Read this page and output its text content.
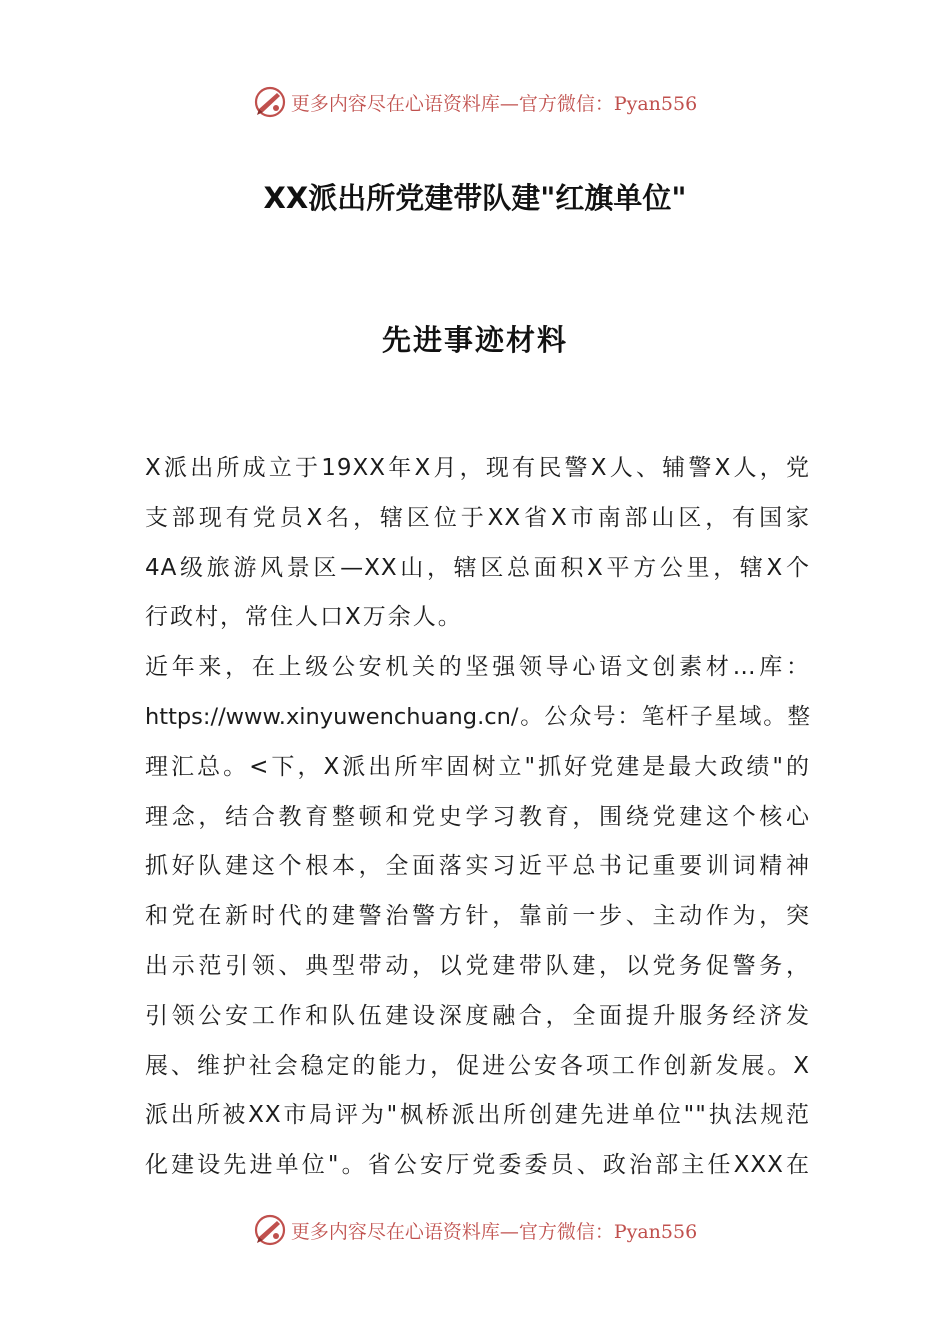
更多内容尽在心语资料库—官方微信：Pyan556
XX派出所党建带队建"红旗单位"
先进事迹材料
X派出所成立于19XX年X月，现有民警X人、辅警X人，党
支部现有党员X名，辖区位于XX省X市南部山区，有国家
4A级旅游风景区—XX山，辖区总面积X平方公里，辖X个
行政村，常住人口X万余人。
近年来，在上级公安机关的坚强领导心语文创素材…库：
https://www.xinyuwenchuang.cn/。公众号：笔杆子星域。整
理汇总。<下，X派出所牢固树立"抓好党建是最大政绩"的
理念，结合教育整顿和党史学习教育，围绕党建这个核心
抓好队建这个根本，全面落实习近平总书记重要训词精神
和党在新时代的建警治警方针，靠前一步、主动作为，突
出示范引领、典型带动，以党建带队建，以党务促警务，
引领公安工作和队伍建设深度融合，全面提升服务经济发
展、维护社会稳定的能力，促进公安各项工作创新发展。X
派出所被XX市局评为"枫桥派出所创建先进单位""执法规范
化建设先进单位"。省公安厅党委委员、政治部主任XXX在
更多内容尽在心语资料库—官方微信：Pyan556
